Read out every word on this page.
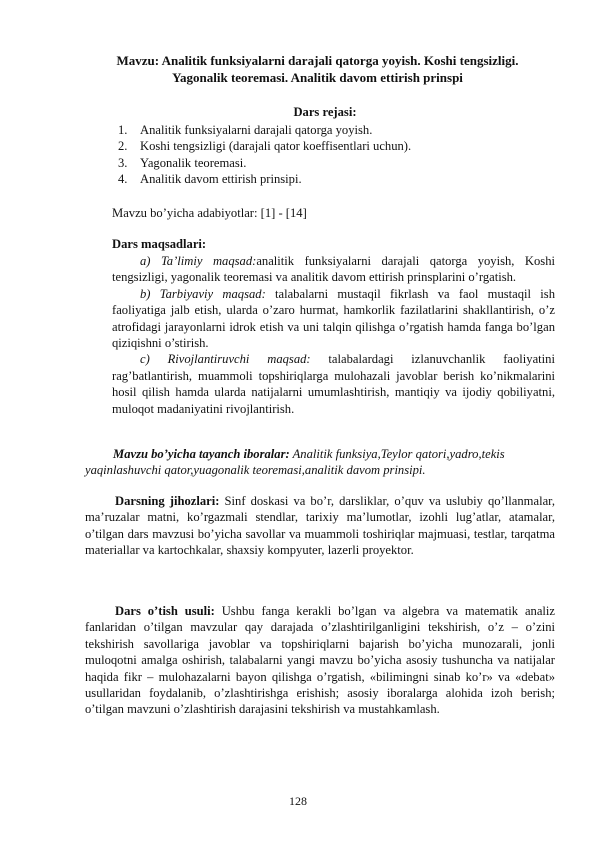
Mavzu: Analitik funksiyalarni darajali qatorga yoyish. Koshi tengsizligi.
Yagonalik teoremasi. Analitik davom ettirish prinspi
Dars rejasi:
1. Analitik funksiyalarni darajali qatorga yoyish.
2. Koshi tengsizligi (darajali qator koeffisentlari uchun).
3. Yagonalik teoremasi.
4. Analitik davom ettirish prinsipi.
Mavzu bo’yicha adabiyotlar: [1] - [14]
Dars maqsadlari:

a) Ta’limiy maqsad:analitik funksiyalarni darajali qatorga yoyish, Koshi tengsizligi, yagonalik teoremasi va analitik davom ettirish prinsplarini o’rgatish.

b) Tarbiyaviy maqsad: talabalarni mustaqil fikrlash va faol mustaqil ish faoliyatiga jalb etish, ularda o’zaro hurmat, hamkorlik fazilatlarini shakllantirish, o’z atrofidagi jarayonlarni idrok etish va uni talqin qilishga o’rgatish hamda fanga bo’lgan qiziqishni o’stirish.

c) Rivojlantiruvchi maqsad: talabalardagi izlanuvchanlik faoliyatini rag’batlantirish, muammoli topshiriqlarga mulohazali javoblar berish ko’nikmalarini hosil qilish hamda ularda natijalarni umumlashtirish, mantiqiy va ijodiy qobiliyatni, muloqot madaniyatini rivojlantirish.

Mavzu bo’yicha tayanch iboralar: Analitik funksiya,Teylor qatori,yadro,tekis yaqinlashuvchi qator,yuagonalik teoremasi,analitik davom prinsipi.

Darsning jihozlari: Sinf doskasi va bo’r, darsliklar, o’quv va uslubiy qo’llanmalar, ma’ruzalar matni, ko’rgazmali stendlar, tarixiy ma’lumotlar, izohli lug’atlar, atamalar, o’tilgan dars mavzusi bo’yicha savollar va muammoli toshiriqlar majmuasi, testlar, tarqatma materiallar va kartochkalar, shaxsiy kompyuter, lazerli proyektor.

Dars o’tish usuli: Ushbu fanga kerakli bo’lgan va algebra va matematik analiz fanlaridan o’tilgan mavzular qay darajada o’zlashtirilganligini tekshirish, o’z – o’zini tekshirish savollariga javoblar va topshiriqlarni bajarish bo’yicha munozarali, jonli muloqotni amalga oshirish, talabalarni yangi mavzu bo’yicha asosiy tushuncha va natijalar haqida fikr – mulohazalarni bayon qilishga o’rgatish, «bilimingni sinab ko’r» va «debat» usullaridan foydalanib, o’zlashtirishga erishish; asosiy iboralarga alohida izoh berish; o’tilgan mavzuni o’zlashtirish darajasini tekshirish va mustahkamlash.

128
